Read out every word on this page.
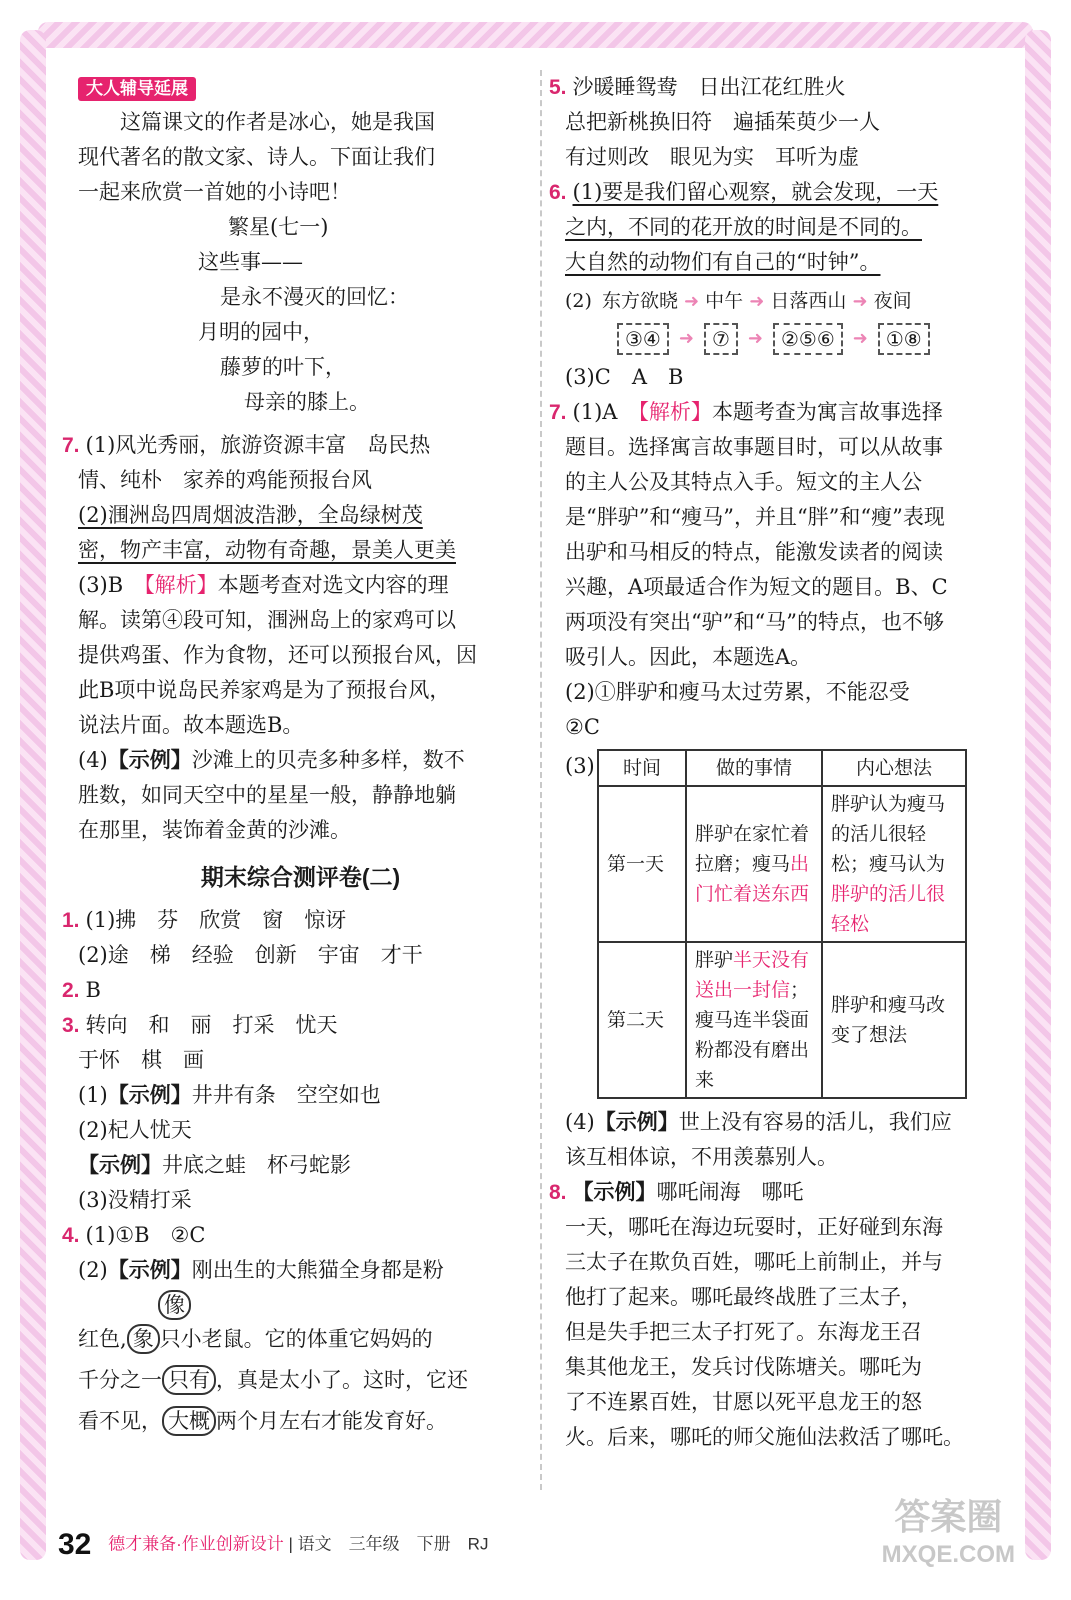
大人辅导延展
这篇课文的作者是冰心，她是我国
现代著名的散文家、诗人。下面让我们
一起来欣赏一首她的小诗吧！
繁星(七一)
这些事——
是永不漫灭的回忆：
月明的园中，
藤萝的叶下，
母亲的膝上。
7. (1)风光秀丽，旅游资源丰富　岛民热
情、纯朴　家养的鸡能预报台风
(2)涠洲岛四周烟波浩渺，全岛绿树茂
密，物产丰富，动物有奇趣，景美人更美
(3)B　 【解析】本题考查对选文内容的理
解。读第④段可知，涠洲岛上的家鸡可以
提供鸡蛋、作为食物，还可以预报台风，因
此B项中说岛民养家鸡是为了预报台风，
说法片面。故本题选B。
(4)【示例】沙滩上的贝壳多种多样，数不
胜数，如同天空中的星星一般，静静地躺
在那里，装饰着金黄的沙滩。
期末综合测评卷(二)
1. (1)拂　芬　欣赏　窗　惊讶
(2)途　梯　经验　创新　宇宙　才干
2. B
3. 转向　和　丽　打采　忧天
于怀　棋　画
(1)【示例】井井有条　空空如也
(2)杞人忧天
【示例】井底之蛙　杯弓蛇影
(3)没精打采
4. (1)①B　②C
(2)【示例】刚出生的大熊猫全身都是粉
像
红色, 象 只小老鼠。它的体重它妈妈的
千分之一 只有 ，真是太小了。这时，它还
看不见， 大概 两个月左右才能发育好。
5. 沙暖睡鸳鸯　日出江花红胜火
总把新桃换旧符　遍插茱萸少一人
有过则改　眼见为实　耳听为虚
6. (1)要是我们留心观察，就会发现，一天
之内，不同的花开放的时间是不同的。
大自然的动物们有自己的“时钟”。
(2) 东方欲晓 ➜ 中午 ➜ 日落西山 ➜ 夜间
③④	➜ ⑦	➜ ②⑤⑥	➜ ①⑧
(3)C　A　B
7. (1)A　 【解析】本题考查为寓言故事选择
题目。选择寓言故事题目时，可以从故事
的主人公及其特点入手。短文的主人公
是“胖驴”和“瘦马”，并且“胖”和“瘦”表现
出驴和马相反的特点，能激发读者的阅读
兴趣，A项最适合作为短文的题目。B、C
两项没有突出“驴”和“马”的特点，也不够
吸引人。因此，本题选A。
(2)①胖驴和瘦马太过劳累，不能忍受
②C
(3) 时间	做的事情	内心想法
第一天	胖驴在家忙着拉磨；瘦马出门忙着送东西	胖驴认为瘦马的活儿很轻松；瘦马认为胖驴的活儿很轻松
第二天	胖驴半天没有送出一封信；瘦马连半袋面粉都没有磨出来	胖驴和瘦马改变了想法
(4)【示例】世上没有容易的活儿，我们应
该互相体谅，不用羡慕别人。
8. 【示例】哪吒闹海　哪吒
一天，哪吒在海边玩耍时，正好碰到东海
三太子在欺负百姓，哪吒上前制止，并与
他打了起来。哪吒最终战胜了三太子，
但是失手把三太子打死了。东海龙王召
集其他龙王，发兵讨伐陈塘关。哪吒为
了不连累百姓，甘愿以死平息龙王的怒
火。后来，哪吒的师父施仙法救活了哪吒。
32 德才兼备·作业创新设计 | 语文　三年级　下册　RJ
答案圈
MXQE.COM
